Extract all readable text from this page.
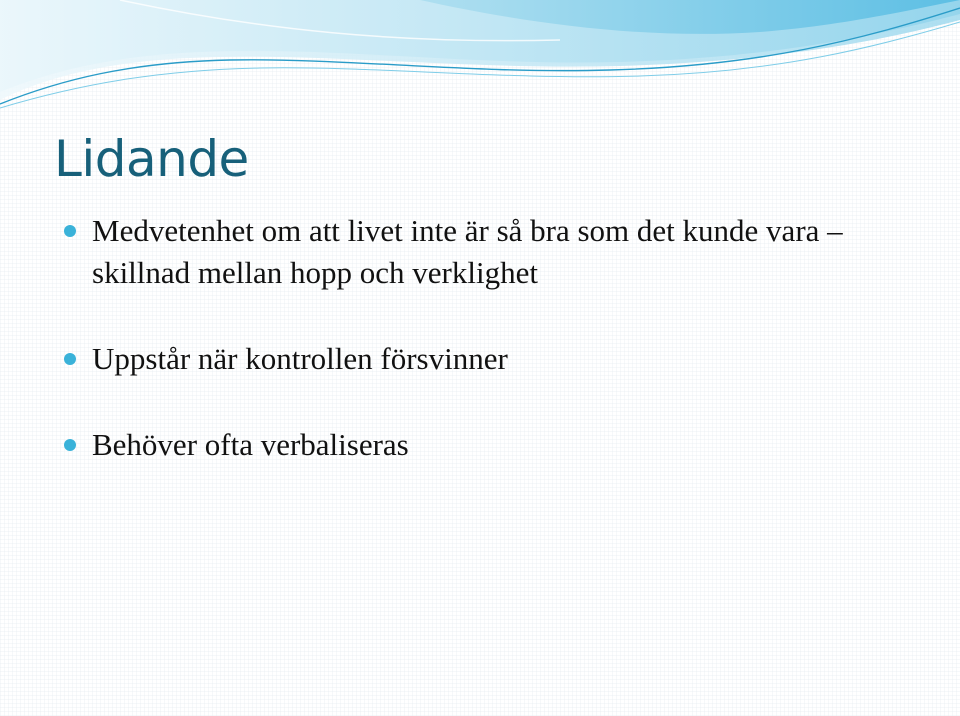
Lidande
Medvetenhet om att livet inte är så bra som det kunde vara – skillnad mellan hopp och verklighet
Uppstår när kontrollen försvinner
Behöver ofta verbaliseras
